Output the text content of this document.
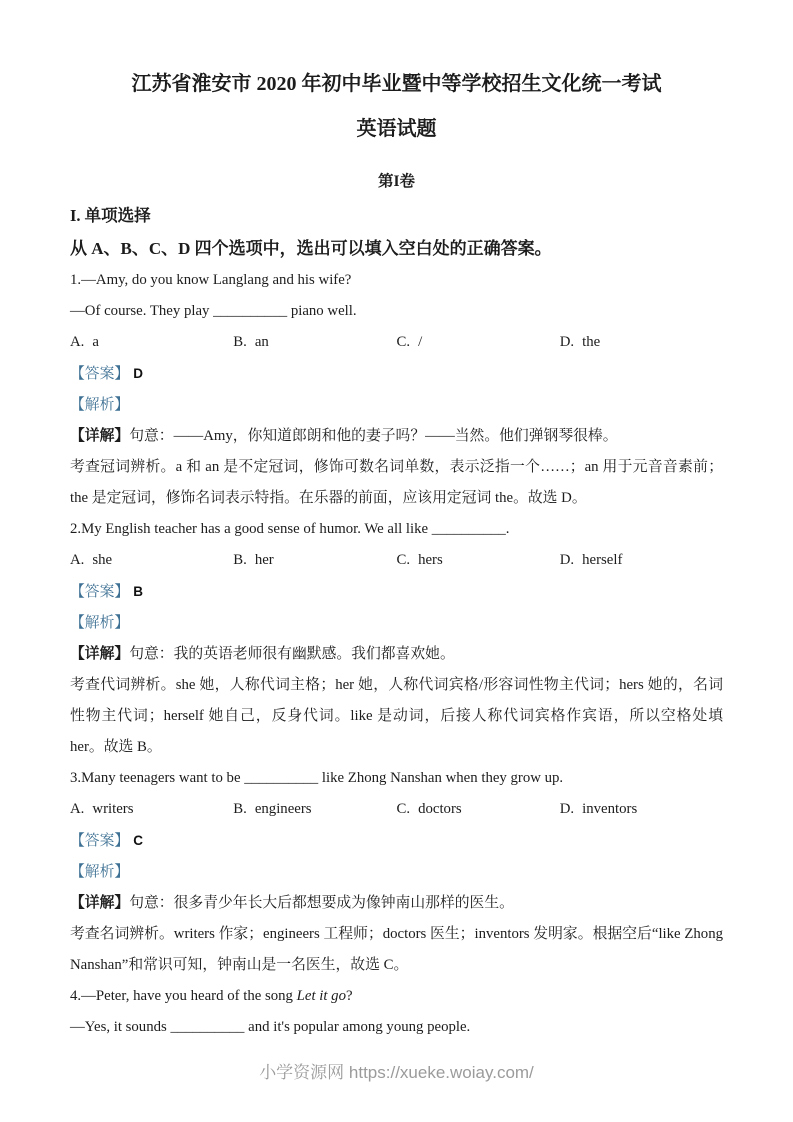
江苏省淮安市 2020 年初中毕业暨中等学校招生文化统一考试
英语试题
第I卷
I. 单项选择
从 A、B、C、D 四个选项中，选出可以填入空白处的正确答案。

1.—Amy, do you know Langlang and his wife?

—Of course. They play __________ piano well.

A. a	B. an	C. /	D. the

【答案】 D

【解析】

【详解】句意：——Amy，你知道郎朗和他的妻子吗？——当然。他们弹钢琴很棒。

考查冠词辨析。a 和 an 是不定冠词，修饰可数名词单数，表示泛指一个……；an 用于元音音素前；the 是定冠词，修饰名词表示特指。在乐器的前面，应该用定冠词 the。故选 D。

2.My English teacher has a good sense of humor. We all like __________.

A. she	B. her	C. hers	D. herself

【答案】 B

【解析】

【详解】句意：我的英语老师很有幽默感。我们都喜欢她。

考查代词辨析。she 她，人称代词主格；her 她，人称代词宾格/形容词性物主代词；hers 她的，名词性物主代词；herself 她自己，反身代词。like 是动词，后接人称代词宾格作宾语，所以空格处填 her。故选 B。

3.Many teenagers want to be __________ like Zhong Nanshan when they grow up.

A. writers	B. engineers	C. doctors	D. inventors

【答案】 C

【解析】

【详解】句意：很多青少年长大后都想要成为像钟南山那样的医生。

考查名词辨析。writers 作家；engineers 工程师；doctors 医生；inventors 发明家。根据空后“like Zhong Nanshan”和常识可知，钟南山是一名医生，故选 C。

4.—Peter, have you heard of the song Let it go?

—Yes, it sounds __________ and it's popular among young people.

小学资源网 https://xueke.woiay.com/
